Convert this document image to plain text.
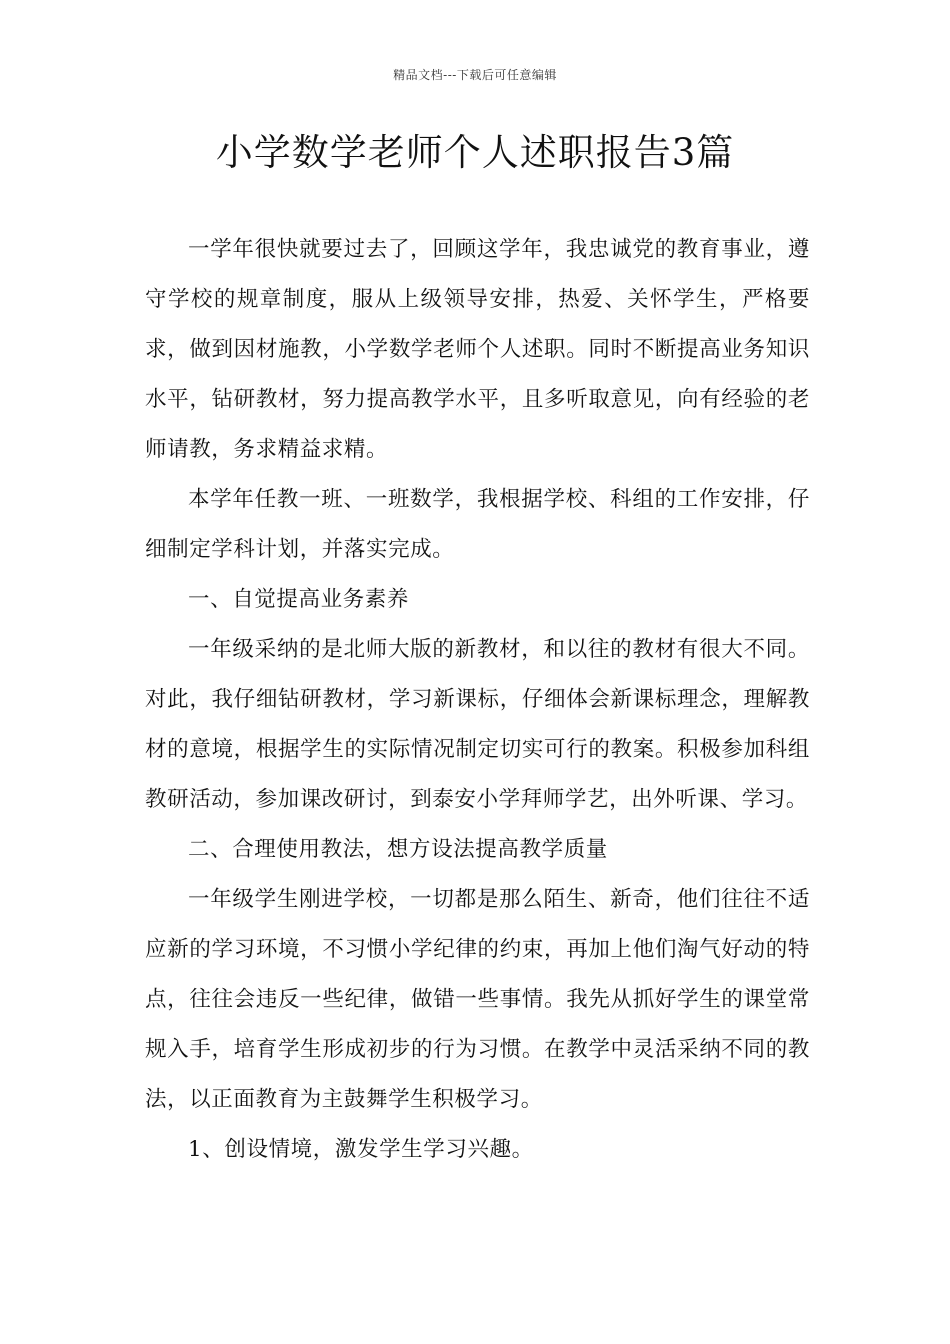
精品文档---下载后可任意编辑
小学数学老师个人述职报告3篇

一学年很快就要过去了，回顾这学年，我忠诚党的教育事业，遵守学校的规章制度，服从上级领导安排，热爱、关怀学生，严格要求，做到因材施教，小学数学老师个人述职。同时不断提高业务知识水平，钻研教材，努力提高教学水平，且多听取意见，向有经验的老师请教，务求精益求精。

本学年任教一班、一班数学，我根据学校、科组的工作安排，仔细制定学科计划，并落实完成。

一、自觉提高业务素养

一年级采纳的是北师大版的新教材，和以往的教材有很大不同。对此，我仔细钻研教材，学习新课标，仔细体会新课标理念，理解教材的意境，根据学生的实际情况制定切实可行的教案。积极参加科组教研活动，参加课改研讨，到泰安小学拜师学艺，出外听课、学习。

二、合理使用教法，想方设法提高教学质量

一年级学生刚进学校，一切都是那么陌生、新奇，他们往往不适应新的学习环境，不习惯小学纪律的约束，再加上他们淘气好动的特点，往往会违反一些纪律，做错一些事情。我先从抓好学生的课堂常规入手，培育学生形成初步的行为习惯。在教学中灵活采纳不同的教法，以正面教育为主鼓舞学生积极学习。

1、创设情境，激发学生学习兴趣。
